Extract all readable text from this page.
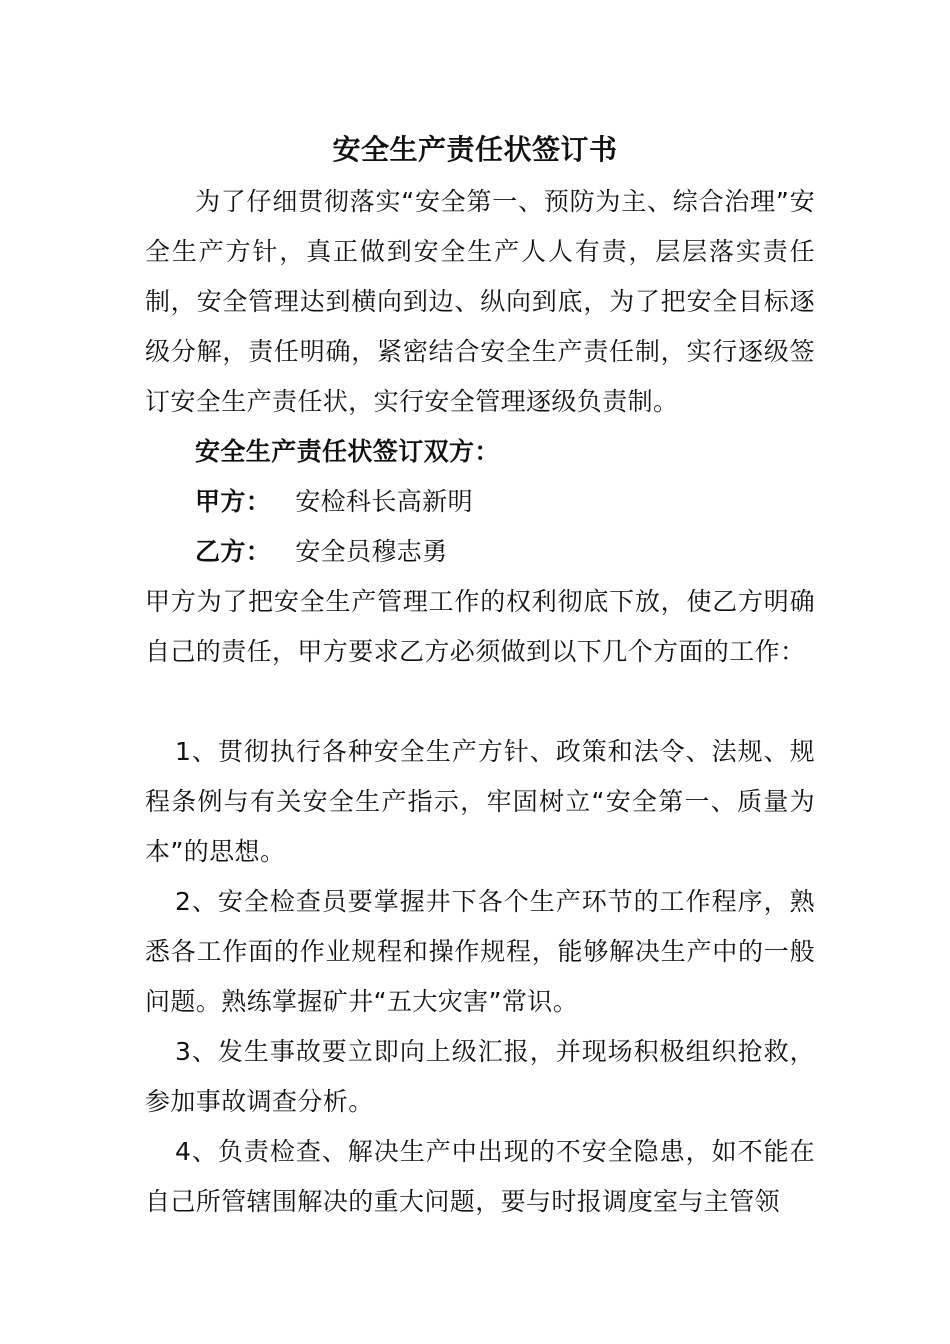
安全生产责任状签订书
为了仔细贯彻落实“安全第一、预防为主、综合治理”安全生产方针，真正做到安全生产人人有责，层层落实责任制，安全管理达到横向到边、纵向到底，为了把安全目标逐级分解，责任明确，紧密结合安全生产责任制，实行逐级签订安全生产责任状，实行安全管理逐级负责制。
安全生产责任状签订双方：
甲方： 安检科长高新明
乙方： 安全员穆志勇
甲方为了把安全生产管理工作的权利彻底下放，使乙方明确自己的责任，甲方要求乙方必须做到以下几个方面的工作：
1、贯彻执行各种安全生产方针、政策和法令、法规、规程条例与有关安全生产指示，牢固树立“安全第一、质量为本”的思想。
2、安全检查员要掌握井下各个生产环节的工作程序，熟悉各工作面的作业规程和操作规程，能够解决生产中的一般问题。熟练掌握矿井“五大灾害”常识。
3、发生事故要立即向上级汇报，并现场积极组织抢救，参加事故调查分析。
4、负责检查、解决生产中出现的不安全隐患，如不能在自己所管辖围解决的重大问题，要与时报调度室与主管领
